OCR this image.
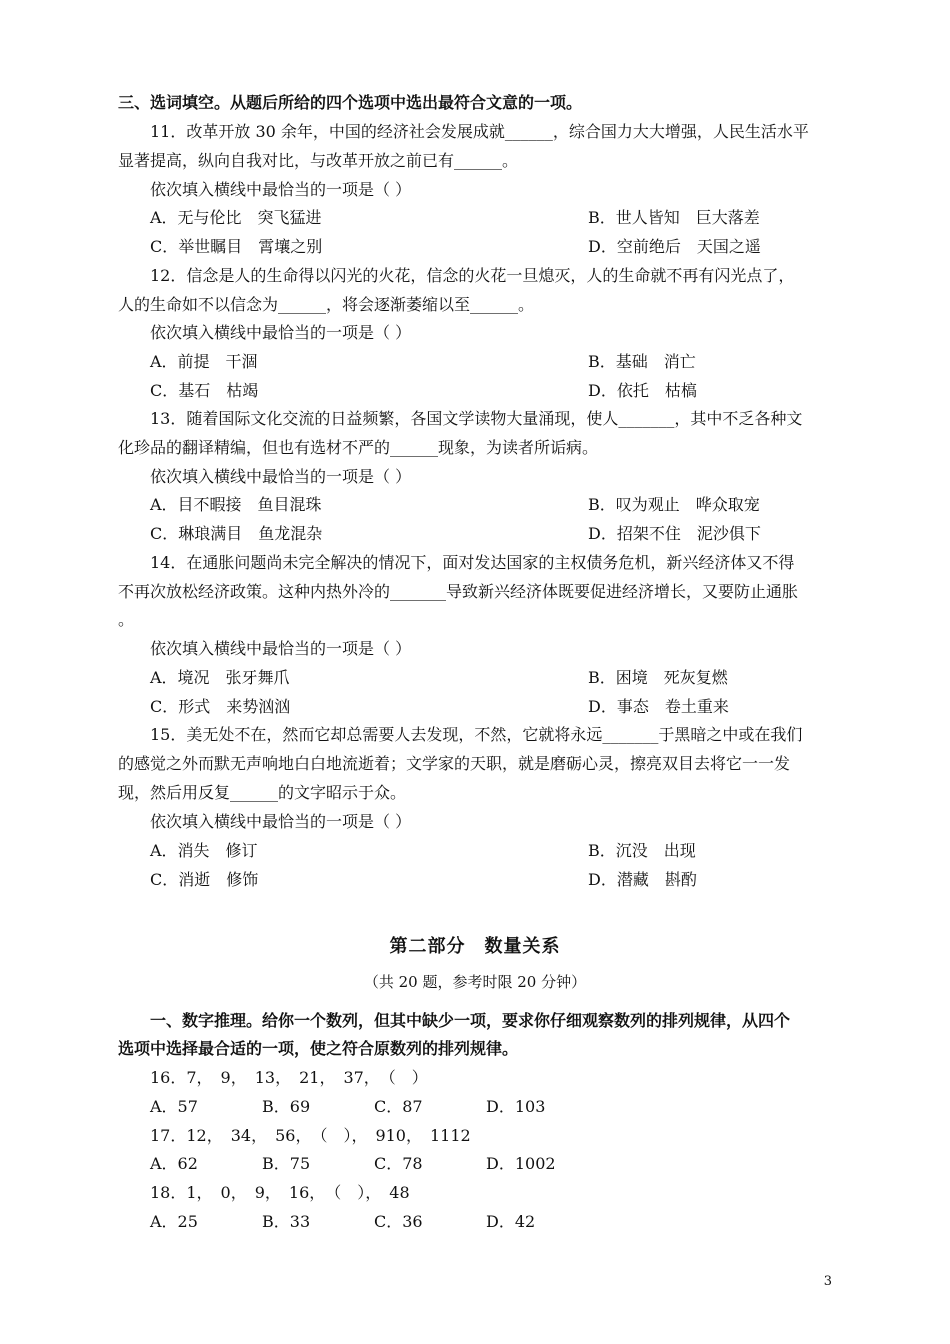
三、选词填空。从题后所给的四个选项中选出最符合文意的一项。
11．改革开放 30 余年，中国的经济社会发展成就______，综合国力大大增强，人民生活水平
显著提高，纵向自我对比，与改革开放之前已有______。
依次填入横线中最恰当的一项是（ ）
A．无与伦比　突飞猛进	B．世人皆知　巨大落差
C．举世瞩目　霄壤之别	D．空前绝后　天国之遥
12．信念是人的生命得以闪光的火花，信念的火花一旦熄灭，人的生命就不再有闪光点了，
人的生命如不以信念为______，将会逐渐萎缩以至______。
依次填入横线中最恰当的一项是（ ）
A．前提　干涸	B．基础　消亡
C．基石　枯竭	D．依托　枯槁
13．随着国际文化交流的日益频繁，各国文学读物大量涌现，使人_______，其中不乏各种文
化珍品的翻译精编，但也有选材不严的______现象，为读者所诟病。
依次填入横线中最恰当的一项是（ ）
A．目不暇接　鱼目混珠	B．叹为观止　哗众取宠
C．琳琅满目　鱼龙混杂	D．招架不住　泥沙俱下
14．在通胀问题尚未完全解决的情况下，面对发达国家的主权债务危机，新兴经济体又不得
不再次放松经济政策。这种内热外冷的_______导致新兴经济体既要促进经济增长，又要防止通胀
。
依次填入横线中最恰当的一项是（ ）
A．境况　张牙舞爪	B．困境　死灰复燃
C．形式　来势汹汹	D．事态　卷土重来
15．美无处不在，然而它却总需要人去发现，不然，它就将永远_______于黑暗之中或在我们
的感觉之外而默无声响地白白地流逝着；文学家的天职，就是磨砺心灵，擦亮双目去将它一一发
现，然后用反复______的文字昭示于众。
依次填入横线中最恰当的一项是（ ）
A．消失　修订	B．沉没　出现
C．消逝　修饰	D．潜藏　斟酌
第二部分　数量关系
（共 20 题，参考时限 20 分钟）
一、数字推理。给你一个数列，但其中缺少一项，要求你仔细观察数列的排列规律，从四个
选项中选择最合适的一项，使之符合原数列的排列规律。
16．7，　9，　13，　21，　37，　（　）
A．57	B．69	C．87	D．103
17．12，　34，　56，　（　），　910，　1112
A．62	B．75	C．78	D．1002
18．1，　0，　9，　16，　（　），　48
A．25	B．33	C．36	D．42
3
